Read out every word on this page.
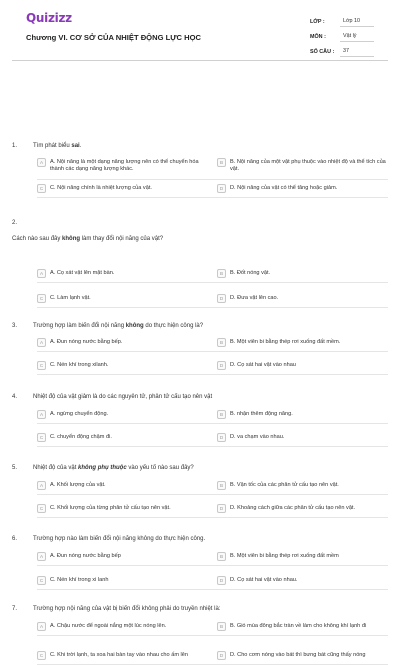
Quizizz
Chương VI. CƠ SỞ CỦA NHIỆT ĐỘNG LỰC HỌC
LỚP :	Lớp 10
MÔN :	Vật lý
SỐ CÂU :	37
1.	Tìm phát biểu sai.
A	A. Nội năng là một dạng năng lượng nên có thể chuyển hóa thành các dạng năng lượng khác.
B	B. Nội năng của một vật phụ thuộc vào nhiệt độ và thể tích của vật.
C	C. Nội năng chính là nhiệt lượng của vật.	D	D. Nội năng của vật có thể tăng hoặc giảm.
2.
Cách nào sau đây không làm thay đổi nội năng của vật?
A	A. Cọ xát vật lên mặt bàn.	B	B. Đốt nóng vật.
C	C. Làm lạnh vật.	D	D. Đưa vật lên cao.
3.	Trường hợp làm biến đổi nội năng không do thực hiện công là?
A	A. Đun nóng nước bằng bếp.	B	B. Một viên bi bằng thép rơi xuống đất mềm.
C	C. Nén khí trong xilanh.	D	D. Cọ sát hai vật vào nhau
4.	Nhiệt độ của vật giảm là do các nguyên tử, phân tử cấu tạo nên vật
A	A. ngừng chuyển động.	B	B. nhận thêm động năng.
C	C. chuyển động chậm đi.	D	D. va chạm vào nhau.
5.	Nhiệt độ của vật không phụ thuộc vào yếu tố nào sau đây?
A	A. Khối lượng của vật.	B	B. Vận tốc của các phân tử cấu tạo nên vật.
C	C. Khối lượng của từng phân tử cấu tạo nên vật.	D	D. Khoảng cách giữa các phân tử cấu tạo nên vật.
6.	Trường hợp nào làm biến đổi nội năng không do thực hiện công.
A	A. Đun nóng nước bằng bếp	B	B. Một viên bi bằng thép rơi xuống đất mềm
C	C. Nén khí trong xi lanh	D	D. Cọ sát hai vật vào nhau.
7.	Trường hợp nội năng của vật bị biến đổi không phải do truyền nhiệt là:
A	A. Chậu nước để ngoài nắng một lúc nóng lên.	B	B. Gió mùa đông bắc tràn về làm cho không khí lạnh đi
C	C. Khi trời lạnh, ta xoa hai bàn tay vào nhau cho ấm lên	D	D. Cho cơm nóng vào bát thì bưng bát cũng thấy nóng
